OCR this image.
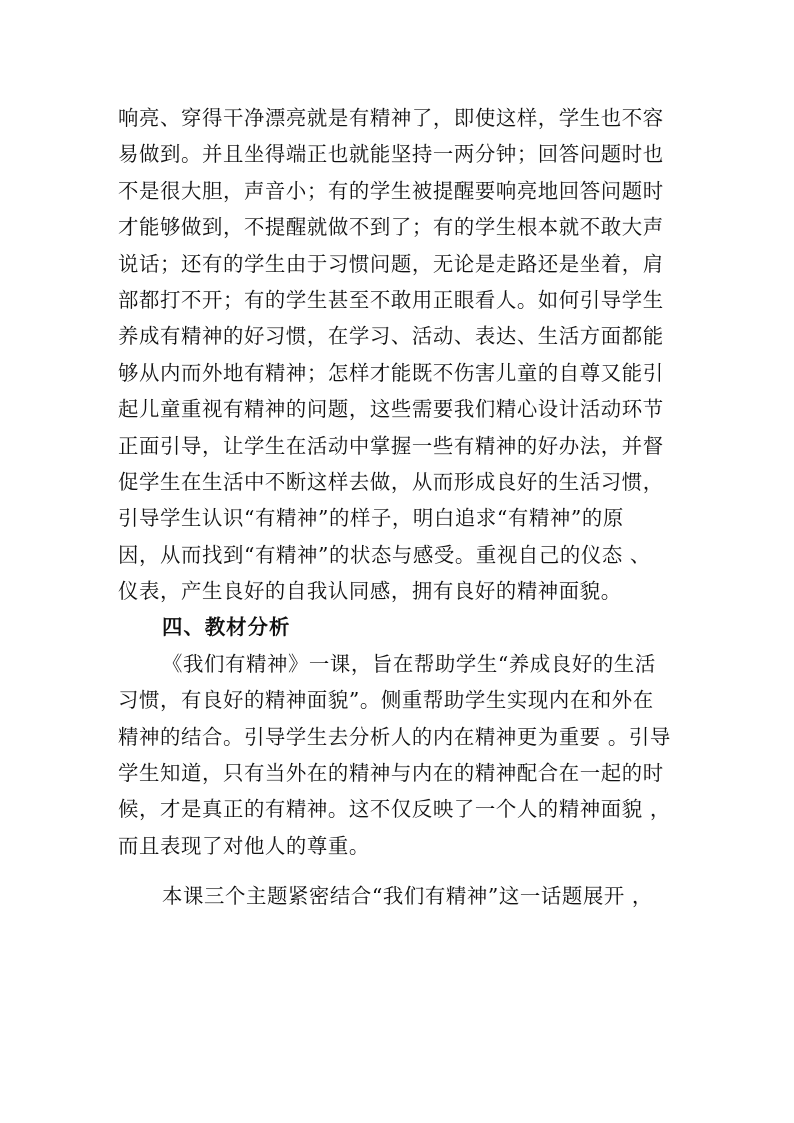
响亮、穿得干净漂亮就是有精神了，即使这样，学生也不容
易做到。并且坐得端正也就能坚持一两分钟；回答问题时也
不是很大胆，声音小；有的学生被提醒要响亮地回答问题时
才能够做到，不提醒就做不到了；有的学生根本就不敢大声
说话；还有的学生由于习惯问题，无论是走路还是坐着，肩
部都打不开；有的学生甚至不敢用正眼看人。如何引导学生
养成有精神的好习惯，在学习、活动、表达、生活方面都能
够从内而外地有精神；怎样才能既不伤害儿童的自尊又能引
起儿童重视有精神的问题，这些需要我们精心设计活动环节
正面引导，让学生在活动中掌握一些有精神的好办法，并督
促学生在生活中不断这样去做，从而形成良好的生活习惯，
引导学生认识“有精神”的样子，明白追求“有精神”的原
因，从而找到“有精神”的状态与感受。重视自己的仪态 、
仪表，产生良好的自我认同感，拥有良好的精神面貌。
四、教材分析
《我们有精神》一课，旨在帮助学生“养成良好的生活
习惯，有良好的精神面貌”。侧重帮助学生实现内在和外在
精神的结合。引导学生去分析人的内在精神更为重要 。引导
学生知道，只有当外在的精神与内在的精神配合在一起的时
候，才是真正的有精神。这不仅反映了一个人的精神面貌 ，
而且表现了对他人的尊重。
本课三个主题紧密结合“我们有精神”这一话题展开 ，
